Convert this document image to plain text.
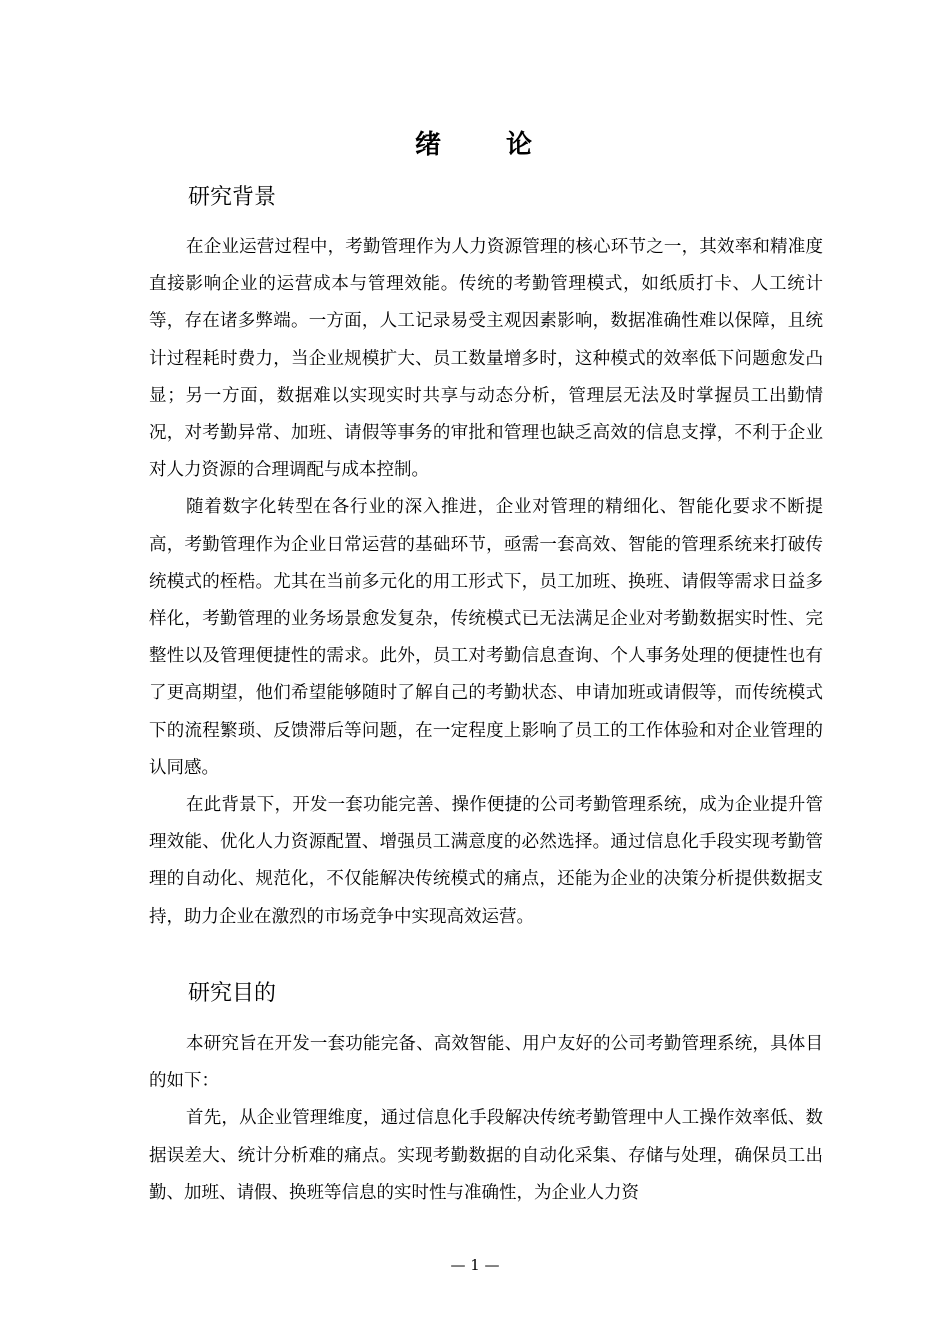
绪 论
研究背景

在企业运营过程中，考勤管理作为人力资源管理的核心环节之一，其效率和精准度直接影响企业的运营成本与管理效能。传统的考勤管理模式，如纸质打卡、人工统计等，存在诸多弊端。一方面，人工记录易受主观因素影响，数据准确性难以保障，且统计过程耗时费力，当企业规模扩大、员工数量增多时，这种模式的效率低下问题愈发凸显；另一方面，数据难以实现实时共享与动态分析，管理层无法及时掌握员工出勤情况，对考勤异常、加班、请假等事务的审批和管理也缺乏高效的信息支撑，不利于企业对人力资源的合理调配与成本控制。

随着数字化转型在各行业的深入推进，企业对管理的精细化、智能化要求不断提高，考勤管理作为企业日常运营的基础环节，亟需一套高效、智能的管理系统来打破传统模式的桎梏。尤其在当前多元化的用工形式下，员工加班、换班、请假等需求日益多样化，考勤管理的业务场景愈发复杂，传统模式已无法满足企业对考勤数据实时性、完整性以及管理便捷性的需求。此外，员工对考勤信息查询、个人事务处理的便捷性也有了更高期望，他们希望能够随时了解自己的考勤状态、申请加班或请假等，而传统模式下的流程繁琐、反馈滞后等问题，在一定程度上影响了员工的工作体验和对企业管理的认同感。

在此背景下，开发一套功能完善、操作便捷的公司考勤管理系统，成为企业提升管理效能、优化人力资源配置、增强员工满意度的必然选择。通过信息化手段实现考勤管理的自动化、规范化，不仅能解决传统模式的痛点，还能为企业的决策分析提供数据支持，助力企业在激烈的市场竞争中实现高效运营。

研究目的

本研究旨在开发一套功能完备、高效智能、用户友好的公司考勤管理系统，具体目的如下：

首先，从企业管理维度，通过信息化手段解决传统考勤管理中人工操作效率低、数据误差大、统计分析难的痛点。实现考勤数据的自动化采集、存储与处理，确保员工出勤、加班、请假、换班等信息的实时性与准确性，为企业人力资

— 1 —
